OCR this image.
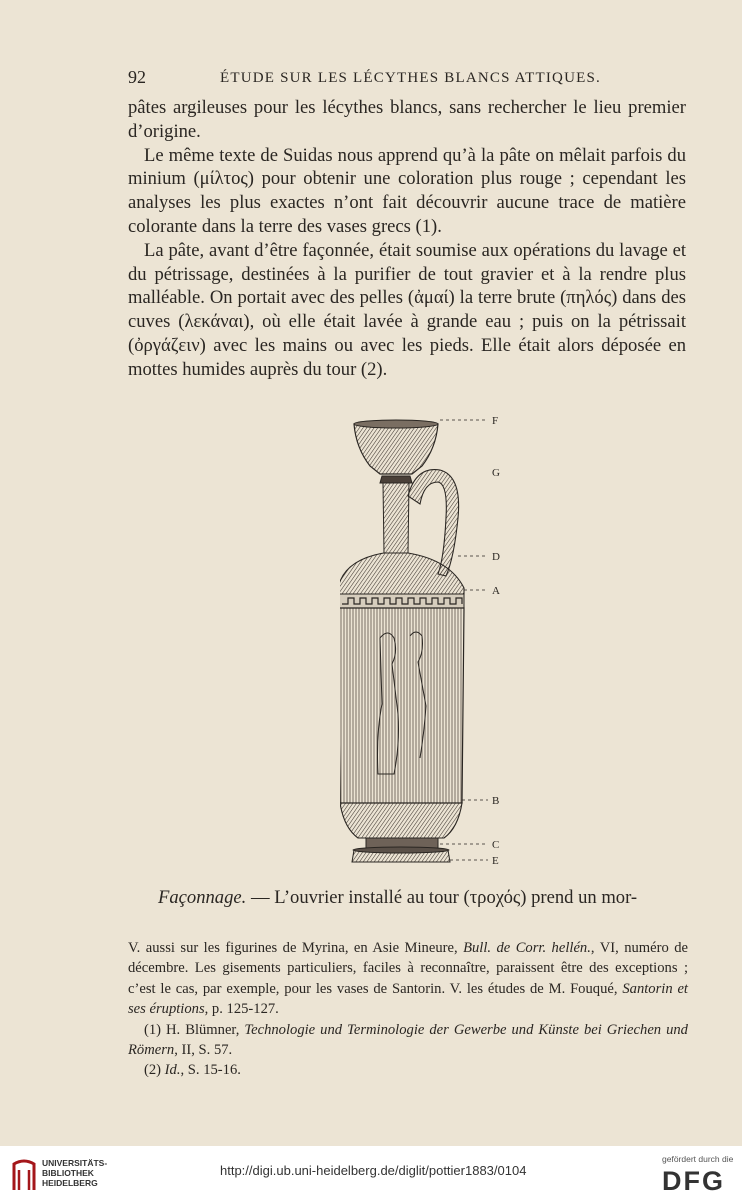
92	ÉTUDE SUR LES LÉCYTHES BLANCS ATTIQUES.

pâtes argileuses pour les lécythes blancs, sans rechercher le lieu premier d’origine.

Le même texte de Suidas nous apprend qu’à la pâte on mêlait parfois du minium (μίλτος) pour obtenir une coloration plus rouge ; cependant les analyses les plus exactes n’ont fait découvrir aucune trace de matière colorante dans la terre des vases grecs (1).

La pâte, avant d’être façonnée, était soumise aux opérations du lavage et du pétrissage, destinées à la purifier de tout gravier et à la rendre plus malléable. On portait avec des pelles (ἀμαί) la terre brute (πηλός) dans des cuves (λεκάναι), où elle était lavée à grande eau ; puis on la pétrissait (ὀργάζειν) avec les mains ou avec les pieds. Elle était alors déposée en mottes humides auprès du tour (2).

F
G
D
A
B
C
E
Façonnage. — L’ouvrier installé au tour (τροχός) prend un mor-

V. aussi sur les figurines de Myrina, en Asie Mineure, Bull. de Corr. hellén., VI, numéro de décembre. Les gisements particuliers, faciles à reconnaître, paraissent être des exceptions ; c’est le cas, par exemple, pour les vases de Santorin. V. les études de M. Fouqué, Santorin et ses éruptions, p. 125-127.

(1) H. Blümner, Technologie und Terminologie der Gewerbe und Künste bei Griechen und Römern, II, S. 57.

(2) Id., S. 15-16.

UNIVERSITÄTS-
BIBLIOTHEK
HEIDELBERG
http://digi.ub.uni-heidelberg.de/diglit/pottier1883/0104
gefördert durch die
DFG
